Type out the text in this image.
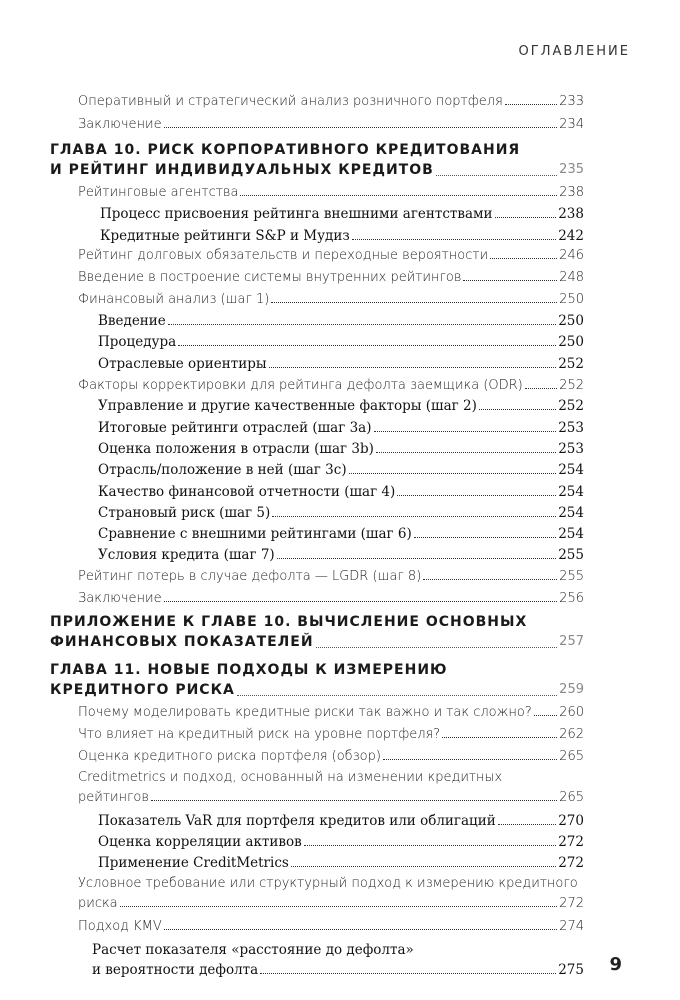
ОГЛАВЛЕНИЕ
Оперативный и стратегический анализ розничного портфеля	233
Заключение	234
ГЛАВА 10. РИСК КОРПОРАТИВНОГО КРЕДИТОВАНИЯ
И РЕЙТИНГ ИНДИВИДУАЛЬНЫХ КРЕДИТОВ	235
Рейтинговые агентства	238
Процесс присвоения рейтинга внешними агентствами	238
Кредитные рейтинги S&P и Мудиз	242
Рейтинг долговых обязательств и переходные вероятности	246
Введение в построение системы внутренних рейтингов	248
Финансовый анализ (шаг 1)	250
Введение	250
Процедура	250
Отраслевые ориентиры	252
Факторы корректировки для рейтинга дефолта заемщика (ODR)	252
Управление и другие качественные факторы (шаг 2)	252
Итоговые рейтинги отраслей (шаг 3а)	253
Оценка положения в отрасли (шаг 3b)	253
Отрасль/положение в ней (шаг 3с)	254
Качество финансовой отчетности (шаг 4)	254
Страновый риск (шаг 5)	254
Сравнение с внешними рейтингами (шаг 6)	254
Условия кредита (шаг 7)	255
Рейтинг потерь в случае дефолта — LGDR (шаг 8)	255
Заключение	256
ПРИЛОЖЕНИЕ К ГЛАВЕ 10. ВЫЧИСЛЕНИЕ ОСНОВНЫХ
ФИНАНСОВЫХ ПОКАЗАТЕЛЕЙ	257
ГЛАВА 11. НОВЫЕ ПОДХОДЫ К ИЗМЕРЕНИЮ
КРЕДИТНОГО РИСКА	259
Почему моделировать кредитные риски так важно и так сложно? 260
Что влияет на кредитный риск на уровне портфеля?	262
Оценка кредитного риска портфеля (обзор)	265
Creditmetrics и подход, основанный на изменении кредитных
рейтингов	265
Показатель VaR для портфеля кредитов или облигаций	270
Оценка корреляции активов	272
Применение CreditMetrics	272
Условное требование или структурный подход к измерению кредитного
риска	272
Подход KMV	274
Расчет показателя «расстояние до дефолта»
и вероятности дефолта	275 9
